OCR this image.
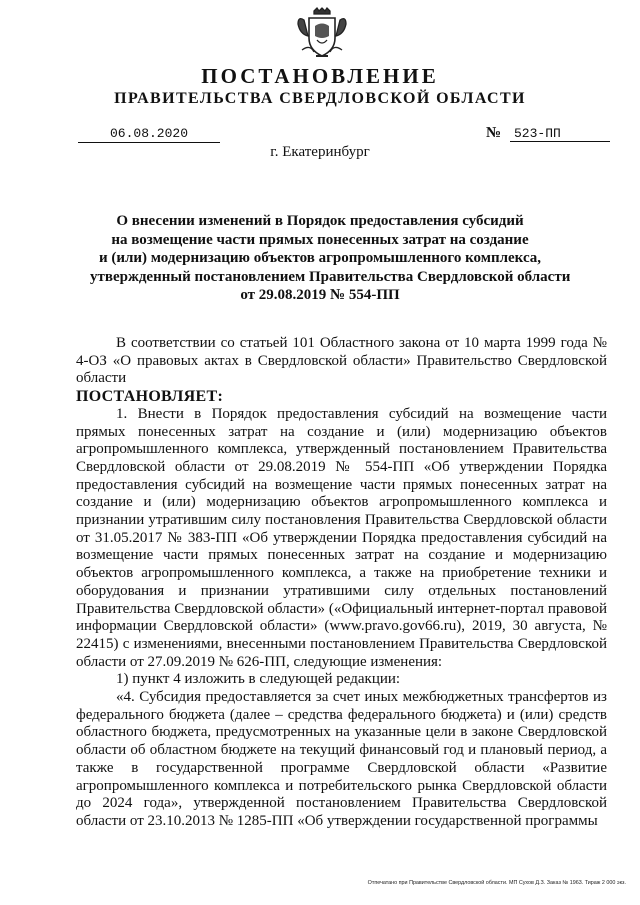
ПОСТАНОВЛЕНИЕ
ПРАВИТЕЛЬСТВА СВЕРДЛОВСКОЙ ОБЛАСТИ
06.08.2020	№ 523-ПП
г. Екатеринбург
О внесении изменений в Порядок предоставления субсидий
на возмещение части прямых понесенных затрат на создание
и (или) модернизацию объектов агропромышленного комплекса,
утвержденный постановлением Правительства Свердловской области
от 29.08.2019 № 554-ПП
В соответствии со статьей 101 Областного закона от 10 марта 1999 года № 4-ОЗ «О правовых актах в Свердловской области» Правительство Свердловской области
ПОСТАНОВЛЯЕТ:
1. Внести в Порядок предоставления субсидий на возмещение части прямых понесенных затрат на создание и (или) модернизацию объектов агропромышленного комплекса, утвержденный постановлением Правительства Свердловской области от 29.08.2019 № 554-ПП «Об утверждении Порядка предоставления субсидий на возмещение части прямых понесенных затрат на создание и (или) модернизацию объектов агропромышленного комплекса и признании утратившим силу постановления Правительства Свердловской области от 31.05.2017 № 383-ПП «Об утверждении Порядка предоставления субсидий на возмещение части прямых понесенных затрат на создание и модернизацию объектов агропромышленного комплекса, а также на приобретение техники и оборудования и признании утратившими силу отдельных постановлений Правительства Свердловской области» («Официальный интернет-портал правовой информации Свердловской области» (www.pravo.gov66.ru), 2019, 30 августа, № 22415) с изменениями, внесенными постановлением Правительства Свердловской области от 27.09.2019 № 626-ПП, следующие изменения:
1) пункт 4 изложить в следующей редакции:
«4. Субсидия предоставляется за счет иных межбюджетных трансфертов из федерального бюджета (далее – средства федерального бюджета) и (или) средств областного бюджета, предусмотренных на указанные цели в законе Свердловской области об областном бюджете на текущий финансовый год и плановый период, а также в государственной программе Свердловской области «Развитие агропромышленного комплекса и потребительского рынка Свердловской области до 2024 года», утвержденной постановлением Правительства Свердловской области от 23.10.2013 № 1285-ПП «Об утверждении государственной программы
Отпечатано при Правительстве Свердловской области. МП Сухов Д.З. Заказ № 1963. Тираж 2 000 экз.
